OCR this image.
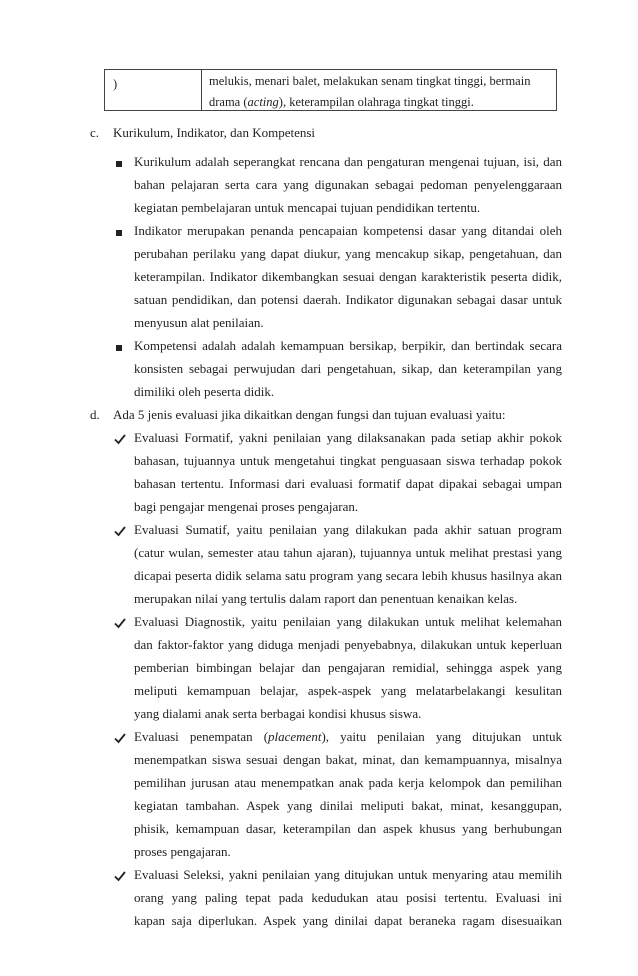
)	melukis, menari balet, melakukan senam tingkat tinggi, bermain
drama (acting), keterampilan olahraga tingkat tinggi.
c. Kurikulum, Indikator, dan Kompetensi
Kurikulum adalah seperangkat rencana dan pengaturan mengenai tujuan, isi, dan
bahan pelajaran serta cara yang digunakan sebagai pedoman penyelenggaraan
kegiatan pembelajaran untuk mencapai tujuan pendidikan tertentu.
Indikator merupakan penanda pencapaian kompetensi dasar yang ditandai oleh
perubahan perilaku yang dapat diukur, yang mencakup sikap, pengetahuan, dan
keterampilan. Indikator dikembangkan sesuai dengan karakteristik peserta didik,
satuan pendidikan, dan potensi daerah. Indikator digunakan sebagai dasar untuk
menyusun alat penilaian.
Kompetensi adalah adalah kemampuan bersikap, berpikir, dan bertindak secara
konsisten sebagai perwujudan dari pengetahuan, sikap, dan keterampilan yang
dimiliki oleh peserta didik.
d. Ada 5 jenis evaluasi jika dikaitkan dengan fungsi dan tujuan evaluasi yaitu:
Evaluasi Formatif, yakni penilaian yang dilaksanakan pada setiap akhir pokok
bahasan, tujuannya untuk mengetahui tingkat penguasaan siswa terhadap pokok
bahasan tertentu. Informasi dari evaluasi formatif dapat dipakai sebagai umpan
bagi pengajar mengenai proses pengajaran.
Evaluasi Sumatif, yaitu penilaian yang dilakukan pada akhir satuan program
(catur wulan, semester atau tahun ajaran), tujuannya untuk melihat prestasi yang
dicapai peserta didik selama satu program yang secara lebih khusus hasilnya akan
merupakan nilai yang tertulis dalam raport dan penentuan kenaikan kelas.
Evaluasi Diagnostik, yaitu penilaian yang dilakukan untuk melihat kelemahan
dan faktor-faktor yang diduga menjadi penyebabnya, dilakukan untuk keperluan
pemberian bimbingan belajar dan pengajaran remidial, sehingga aspek yang
meliputi kemampuan belajar, aspek-aspek yang melatarbelakangi kesulitan
yang dialami anak serta berbagai kondisi khusus siswa.
Evaluasi penempatan (placement), yaitu penilaian yang ditujukan untuk
menempatkan siswa sesuai dengan bakat, minat, dan kemampuannya, misalnya
pemilihan jurusan atau menempatkan anak pada kerja kelompok dan pemilihan
kegiatan tambahan. Aspek yang dinilai meliputi bakat, minat, kesanggupan,
phisik, kemampuan dasar, keterampilan dan aspek khusus yang berhubungan
proses pengajaran.
Evaluasi Seleksi, yakni penilaian yang ditujukan untuk menyaring atau memilih
orang yang paling tepat pada kedudukan atau posisi tertentu. Evaluasi ini
kapan saja diperlukan. Aspek yang dinilai dapat beraneka ragam disesuaikan
